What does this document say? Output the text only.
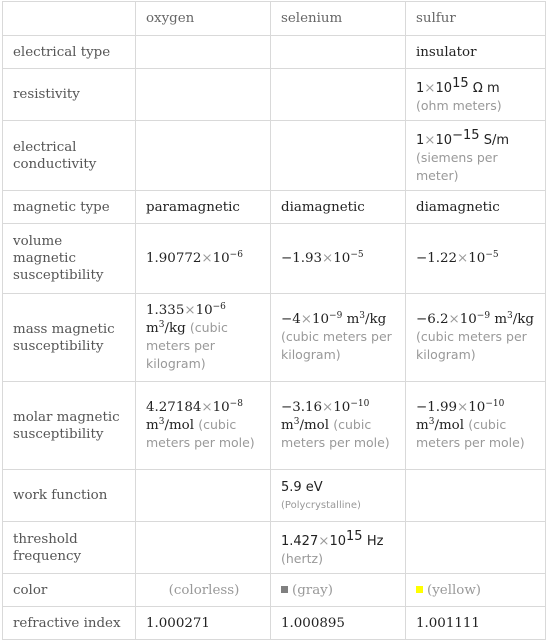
	oxygen	selenium	sulfur
electrical type			insulator
resistivity			$1\times 10^{15}$ Ω m
(ohm meters)
electrical conductivity			$1\times 10^{-15}$ S/m
(siemens per meter)
magnetic type	paramagnetic	diamagnetic	diamagnetic
volume magnetic susceptibility	$1.90772\times 10^{-6}$	$-1.93\times 10^{-5}$	$-1.22\times 10^{-5}$
mass magnetic susceptibility	$1.335\times 10^{-6}$ $m^3/kg$ (cubic meters per kilogram)	$-4\times 10^{-9}$ $m^3/kg$ (cubic meters per kilogram)	$-6.2\times 10^{-9}$ $m^3/kg$ (cubic meters per kilogram)
molar magnetic susceptibility	$4.27184\times 10^{-8}$ $m^3$/mol (cubic meters per mole)	$-3.16\times 10^{-10}$ $m^3$/mol (cubic meters per mole)	$-1.99\times 10^{-10}$ $m^3$/mol (cubic meters per mole)
work function		5.9 eV
(Polycrystalline)	
threshold frequency		$1.427\times 10^{15}$ Hz
(hertz)	
color	(colorless)	(gray)	(yellow)
refractive index	1.000271	1.000895	1.001111
